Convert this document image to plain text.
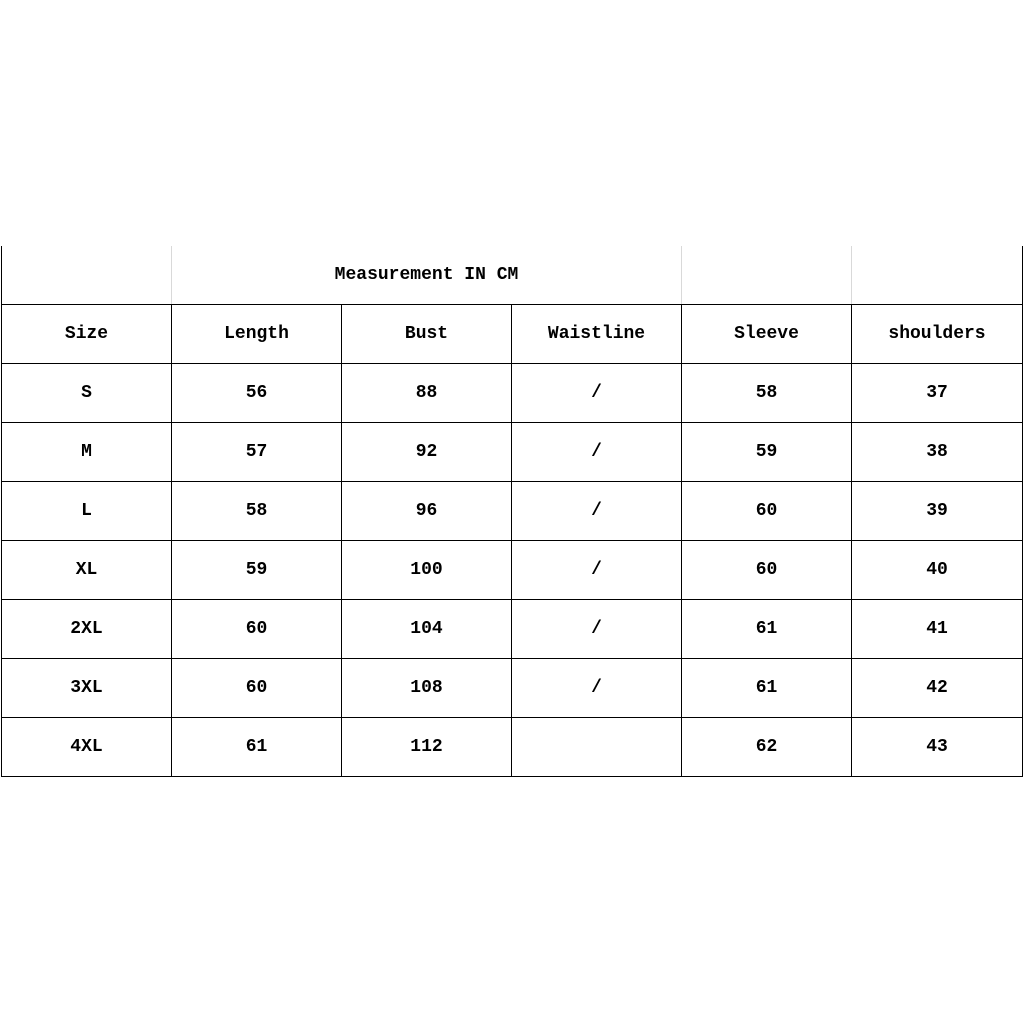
	Measurement IN CM				
Size	Length	Bust	Waistline	Sleeve	shoulders
S	56	88	/	58	37
M	57	92	/	59	38
L	58	96	/	60	39
XL	59	100	/	60	40
2XL	60	104	/	61	41
3XL	60	108	/	61	42
4XL	61	112		62	43
